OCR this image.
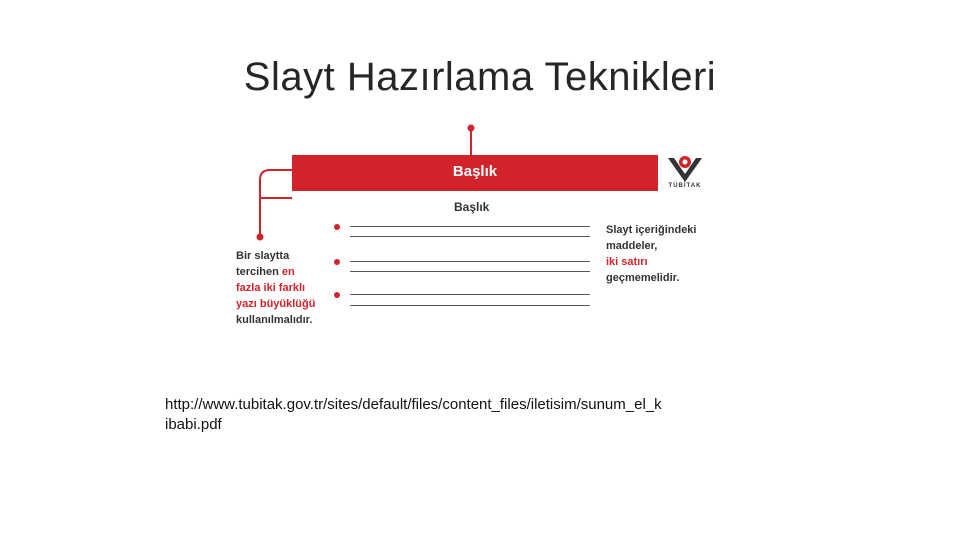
Slayt Hazırlama Teknikleri
Başlık
TÜBİTAK
Başlık
Bir slaytta
tercihen en
fazla iki farklı
yazı büyüklüğü
kullanılmalıdır.
Slayt içeriğindeki
maddeler,
iki satırı
geçmemelidir.
http://www.tubitak.gov.tr/sites/default/files/content_files/iletisim/sunum_el_k
ibabi.pdf
